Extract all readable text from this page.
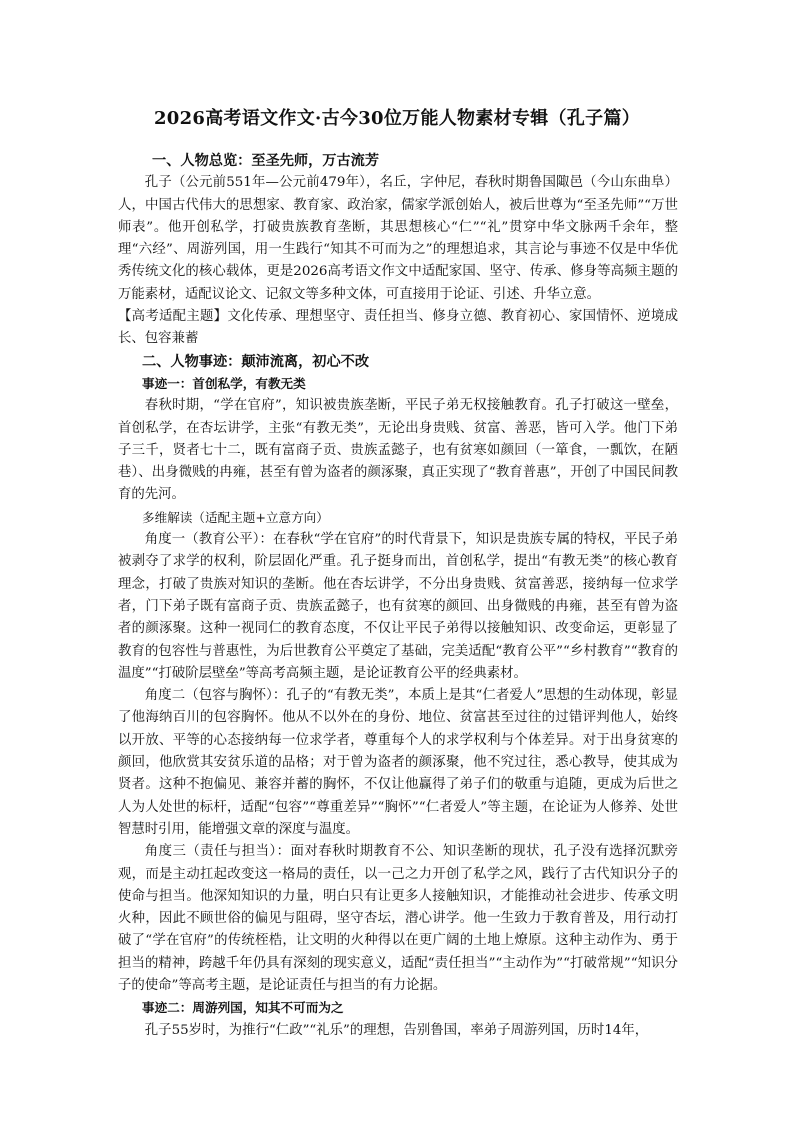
2026高考语文作文·古今30位万能人物素材专辑（孔子篇）

一、人物总览：至圣先师，万古流芳

孔子（公元前551年—公元前479年），名丘，字仲尼，春秋时期鲁国陬邑（今山东曲阜）人，中国古代伟大的思想家、教育家、政治家，儒家学派创始人，被后世尊为“至圣先师”“万世师表”。他开创私学，打破贵族教育垄断，其思想核心“仁”“礼”贯穿中华文脉两千余年，整理“六经”、周游列国，用一生践行“知其不可而为之”的理想追求，其言论与事迹不仅是中华优秀传统文化的核心载体，更是2026高考语文作文中适配家国、坚守、传承、修身等高频主题的万能素材，适配议论文、记叙文等多种文体，可直接用于论证、引述、升华立意。

【高考适配主题】文化传承、理想坚守、责任担当、修身立德、教育初心、家国情怀、逆境成长、包容兼蓄

二、人物事迹：颠沛流离，初心不改

事迹一：首创私学，有教无类

春秋时期，“学在官府”，知识被贵族垄断，平民子弟无权接触教育。孔子打破这一壁垒，首创私学，在杏坛讲学，主张“有教无类”，无论出身贵贱、贫富、善恶，皆可入学。他门下弟子三千，贤者七十二，既有富商子贡、贵族孟懿子，也有贫寒如颜回（一箪食，一瓢饮，在陋巷）、出身微贱的冉雍，甚至有曾为盗者的颜涿聚，真正实现了“教育普惠”，开创了中国民间教育的先河。

多维解读（适配主题+立意方向）

角度一（教育公平）：在春秋“学在官府”的时代背景下，知识是贵族专属的特权，平民子弟被剥夺了求学的权利，阶层固化严重。孔子挺身而出，首创私学，提出“有教无类”的核心教育理念，打破了贵族对知识的垄断。他在杏坛讲学，不分出身贵贱、贫富善恶，接纳每一位求学者，门下弟子既有富商子贡、贵族孟懿子，也有贫寒的颜回、出身微贱的冉雍，甚至有曾为盗者的颜涿聚。这种一视同仁的教育态度，不仅让平民子弟得以接触知识、改变命运，更彰显了教育的包容性与普惠性，为后世教育公平奠定了基础，完美适配“教育公平”“乡村教育”“教育的温度”“打破阶层壁垒”等高考高频主题，是论证教育公平的经典素材。

角度二（包容与胸怀）：孔子的“有教无类”，本质上是其“仁者爱人”思想的生动体现，彰显了他海纳百川的包容胸怀。他从不以外在的身份、地位、贫富甚至过往的过错评判他人，始终以开放、平等的心态接纳每一位求学者，尊重每个人的求学权利与个体差异。对于出身贫寒的颜回，他欣赏其安贫乐道的品格；对于曾为盗者的颜涿聚，他不究过往，悉心教导，使其成为贤者。这种不抱偏见、兼容并蓄的胸怀，不仅让他赢得了弟子们的敬重与追随，更成为后世之人为人处世的标杆，适配“包容”“尊重差异”“胸怀”“仁者爱人”等主题，在论证为人修养、处世智慧时引用，能增强文章的深度与温度。

角度三（责任与担当）：面对春秋时期教育不公、知识垄断的现状，孔子没有选择沉默旁观，而是主动扛起改变这一格局的责任，以一己之力开创了私学之风，践行了古代知识分子的使命与担当。他深知知识的力量，明白只有让更多人接触知识，才能推动社会进步、传承文明火种，因此不顾世俗的偏见与阻碍，坚守杏坛，潜心讲学。他一生致力于教育普及，用行动打破了“学在官府”的传统桎梏，让文明的火种得以在更广阔的土地上燎原。这种主动作为、勇于担当的精神，跨越千年仍具有深刻的现实意义，适配“责任担当”“主动作为”“打破常规”“知识分子的使命”等高考主题，是论证责任与担当的有力论据。

事迹二：周游列国，知其不可而为之

孔子55岁时，为推行“仁政”“礼乐”的理想，告别鲁国，率弟子周游列国，历时14年，
